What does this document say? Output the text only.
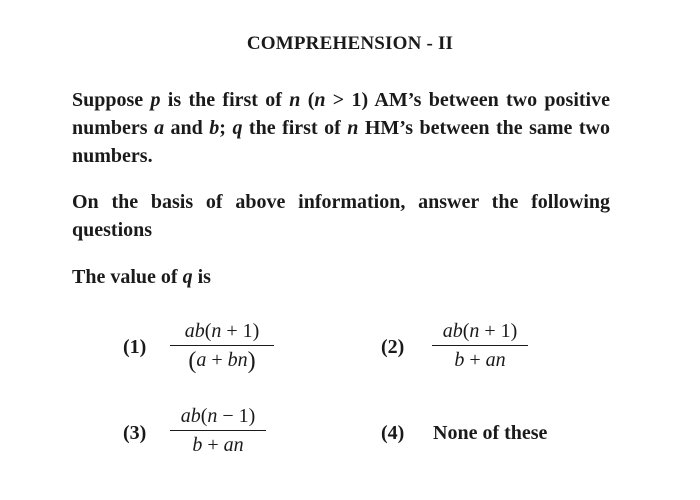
COMPREHENSION - II
Suppose p is the first of n (n > 1) AM’s between two positive numbers a and b; q the first of n HM’s between the same two numbers.
On the basis of above information, answer the following questions
The value of q is
$(1) \frac{ab(n + 1)}{(a + bn)}$	$(2) \frac{ab(n + 1)}{b + an}$
$(3) \frac{ab(n - 1)}{b + an}$	(4) None of these
